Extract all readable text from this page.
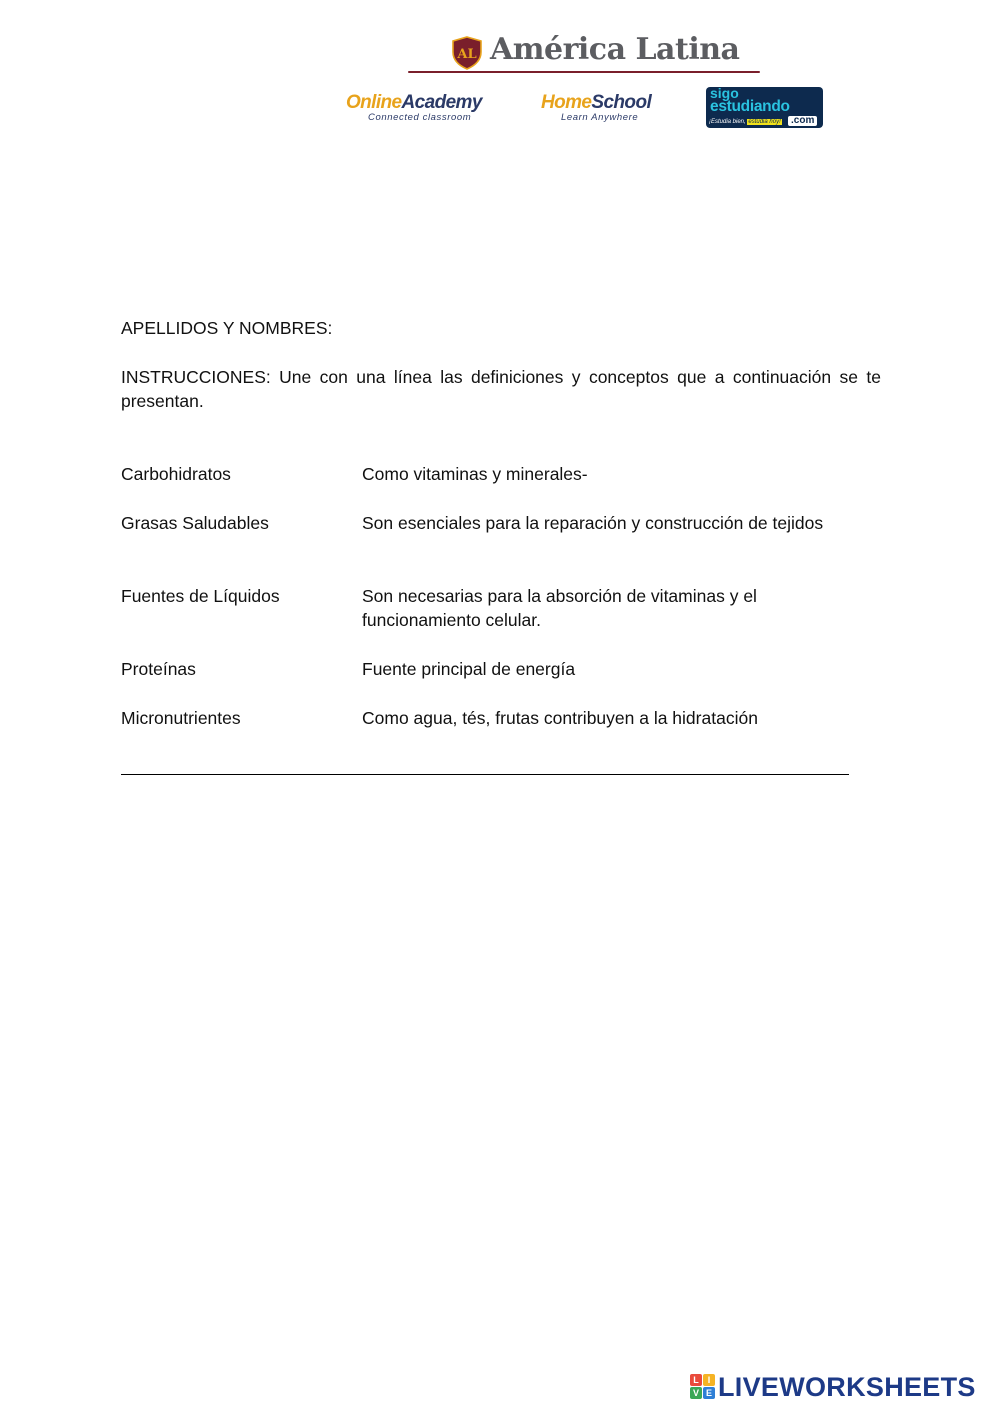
AL América Latina
OnlineAcademy
Connected classroom
HomeSchool
Learn Anywhere
sigo
estudiando
¡Estudia bien, estudia hoy!	.com
APELLIDOS Y NOMBRES:
INSTRUCCIONES: Une con una línea las definiciones y conceptos que a continuación se te presentan.
Carbohidratos	Como vitaminas y minerales-
Grasas Saludables	Son esenciales para la reparación y construcción de tejidos
Fuentes de Líquidos	Son necesarias para la absorción de vitaminas y el funcionamiento celular.
Proteínas	Fuente principal de energía
Micronutrientes	Como agua, tés, frutas contribuyen a la hidratación
L I
V E LIVEWORKSHEETS
